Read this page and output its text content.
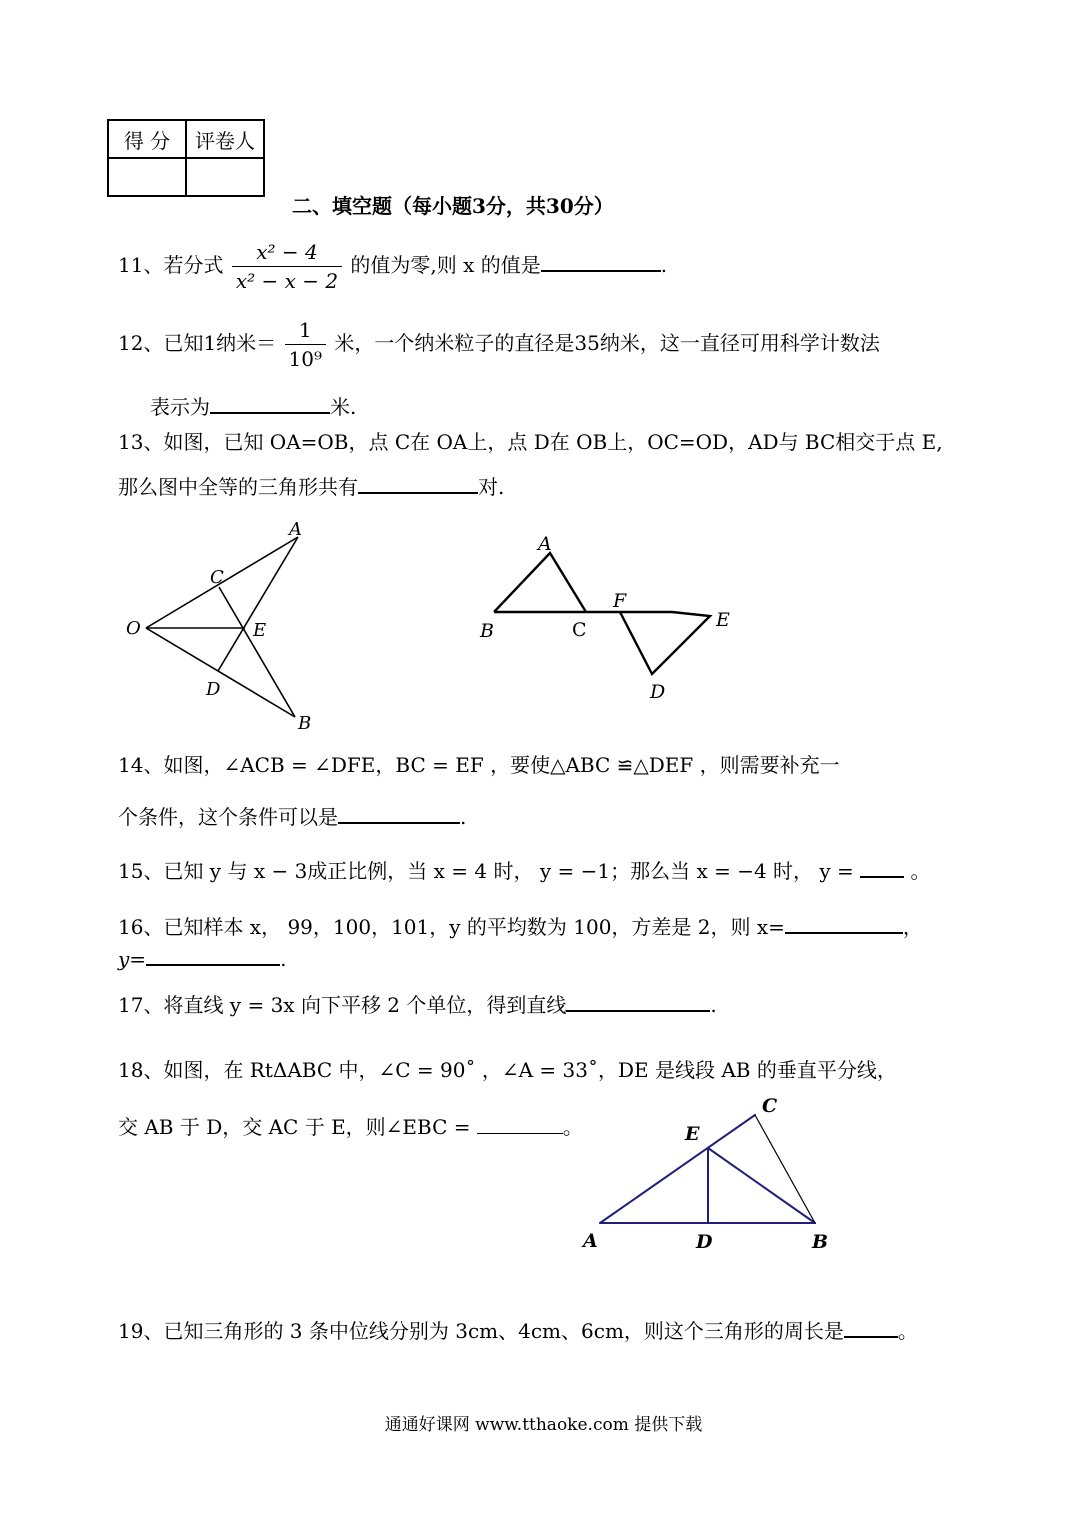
得 分	评卷人

二、填空题（每小题3分，共30分）
11、若分式 $\frac{\text{x² − 4}}{\text{x² − x − 2}}$ 的值为零,则 x 的值是	.
12、已知1纳米＝ $\frac{1}{\text{10⁹}}$ 米，一个纳米粒子的直径是35纳米，这一直径可用科学计数法
表示为	米.
13、如图，已知 OA=OB，点 C在 OA上，点 D在 OB上，OC=OD，AD与 BC相交于点 E,
那么图中全等的三角形共有	对.
A
C
O	E
D
B
A
B	C
F
E
D
14、如图，∠ACB = ∠DFE，BC = EF ，要使△ABC ≌△DEF ，则需要补充一
个条件，这个条件可以是	.
15、已知 y 与 x − 3成正比例，当 x = 4 时， y = −1；那么当 x = −4 时， y =	。
16、已知样本 x， 99，100，101，y 的平均数为 100，方差是 2，则 x=	，
y=	.
17、将直线 y = 3x 向下平移 2 个单位，得到直线	.
18、如图，在 RtΔABC 中，∠C = 90˚ ，∠A = 33˚，DE 是线段 AB 的垂直平分线，
交 AB 于 D，交 AC 于 E，则∠EBC =	。
C
E
A	D	B
19、已知三角形的 3 条中位线分别为 3cm、4cm、6cm，则这个三角形的周长是	。
通通好课网 www.tthaoke.com 提供下载
